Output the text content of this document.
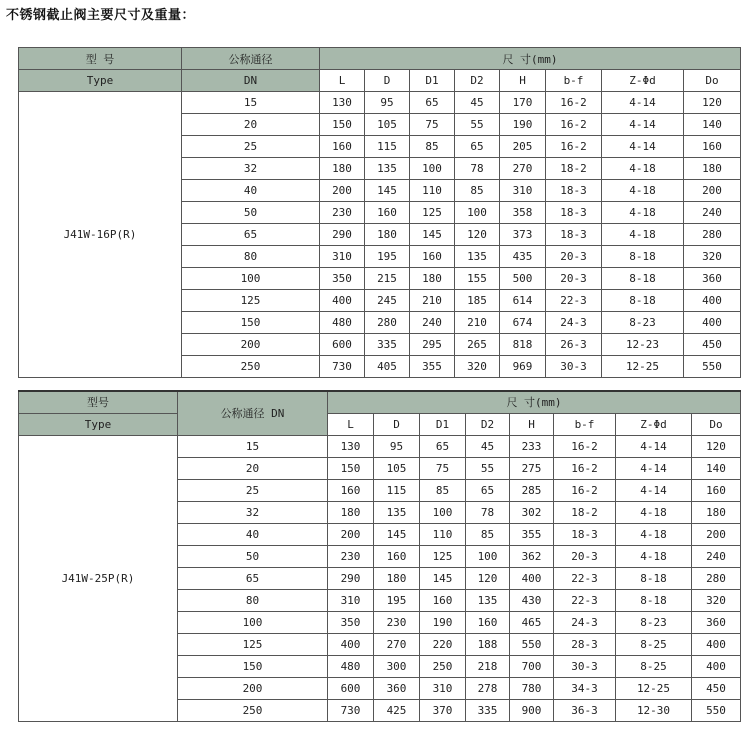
不锈钢截止阀主要尺寸及重量：
型 号	公称通径	尺 寸(mm)							
Type	DN	L	D	D1	D2	H	b-f	Z-Φd	Do
J41W-16P(R)	15	130	95	65	45	170	16-2	4-14	120
	20	150	105	75	55	190	16-2	4-14	140
	25	160	115	85	65	205	16-2	4-14	160
	32	180	135	100	78	270	18-2	4-18	180
	40	200	145	110	85	310	18-3	4-18	200
	50	230	160	125	100	358	18-3	4-18	240
	65	290	180	145	120	373	18-3	4-18	280
	80	310	195	160	135	435	20-3	8-18	320
	100	350	215	180	155	500	20-3	8-18	360
	125	400	245	210	185	614	22-3	8-18	400
	150	480	280	240	210	674	24-3	8-23	400
	200	600	335	295	265	818	26-3	12-23	450
	250	730	405	355	320	969	30-3	12-25	550
型号	公称通径 DN	尺 寸(mm)							
Type		L	D	D1	D2	H	b-f	Z-Φd	Do
J41W-25P(R)	15	130	95	65	45	233	16-2	4-14	120
	20	150	105	75	55	275	16-2	4-14	140
	25	160	115	85	65	285	16-2	4-14	160
	32	180	135	100	78	302	18-2	4-18	180
	40	200	145	110	85	355	18-3	4-18	200
	50	230	160	125	100	362	20-3	4-18	240
	65	290	180	145	120	400	22-3	8-18	280
	80	310	195	160	135	430	22-3	8-18	320
	100	350	230	190	160	465	24-3	8-23	360
	125	400	270	220	188	550	28-3	8-25	400
	150	480	300	250	218	700	30-3	8-25	400
	200	600	360	310	278	780	34-3	12-25	450
	250	730	425	370	335	900	36-3	12-30	550
